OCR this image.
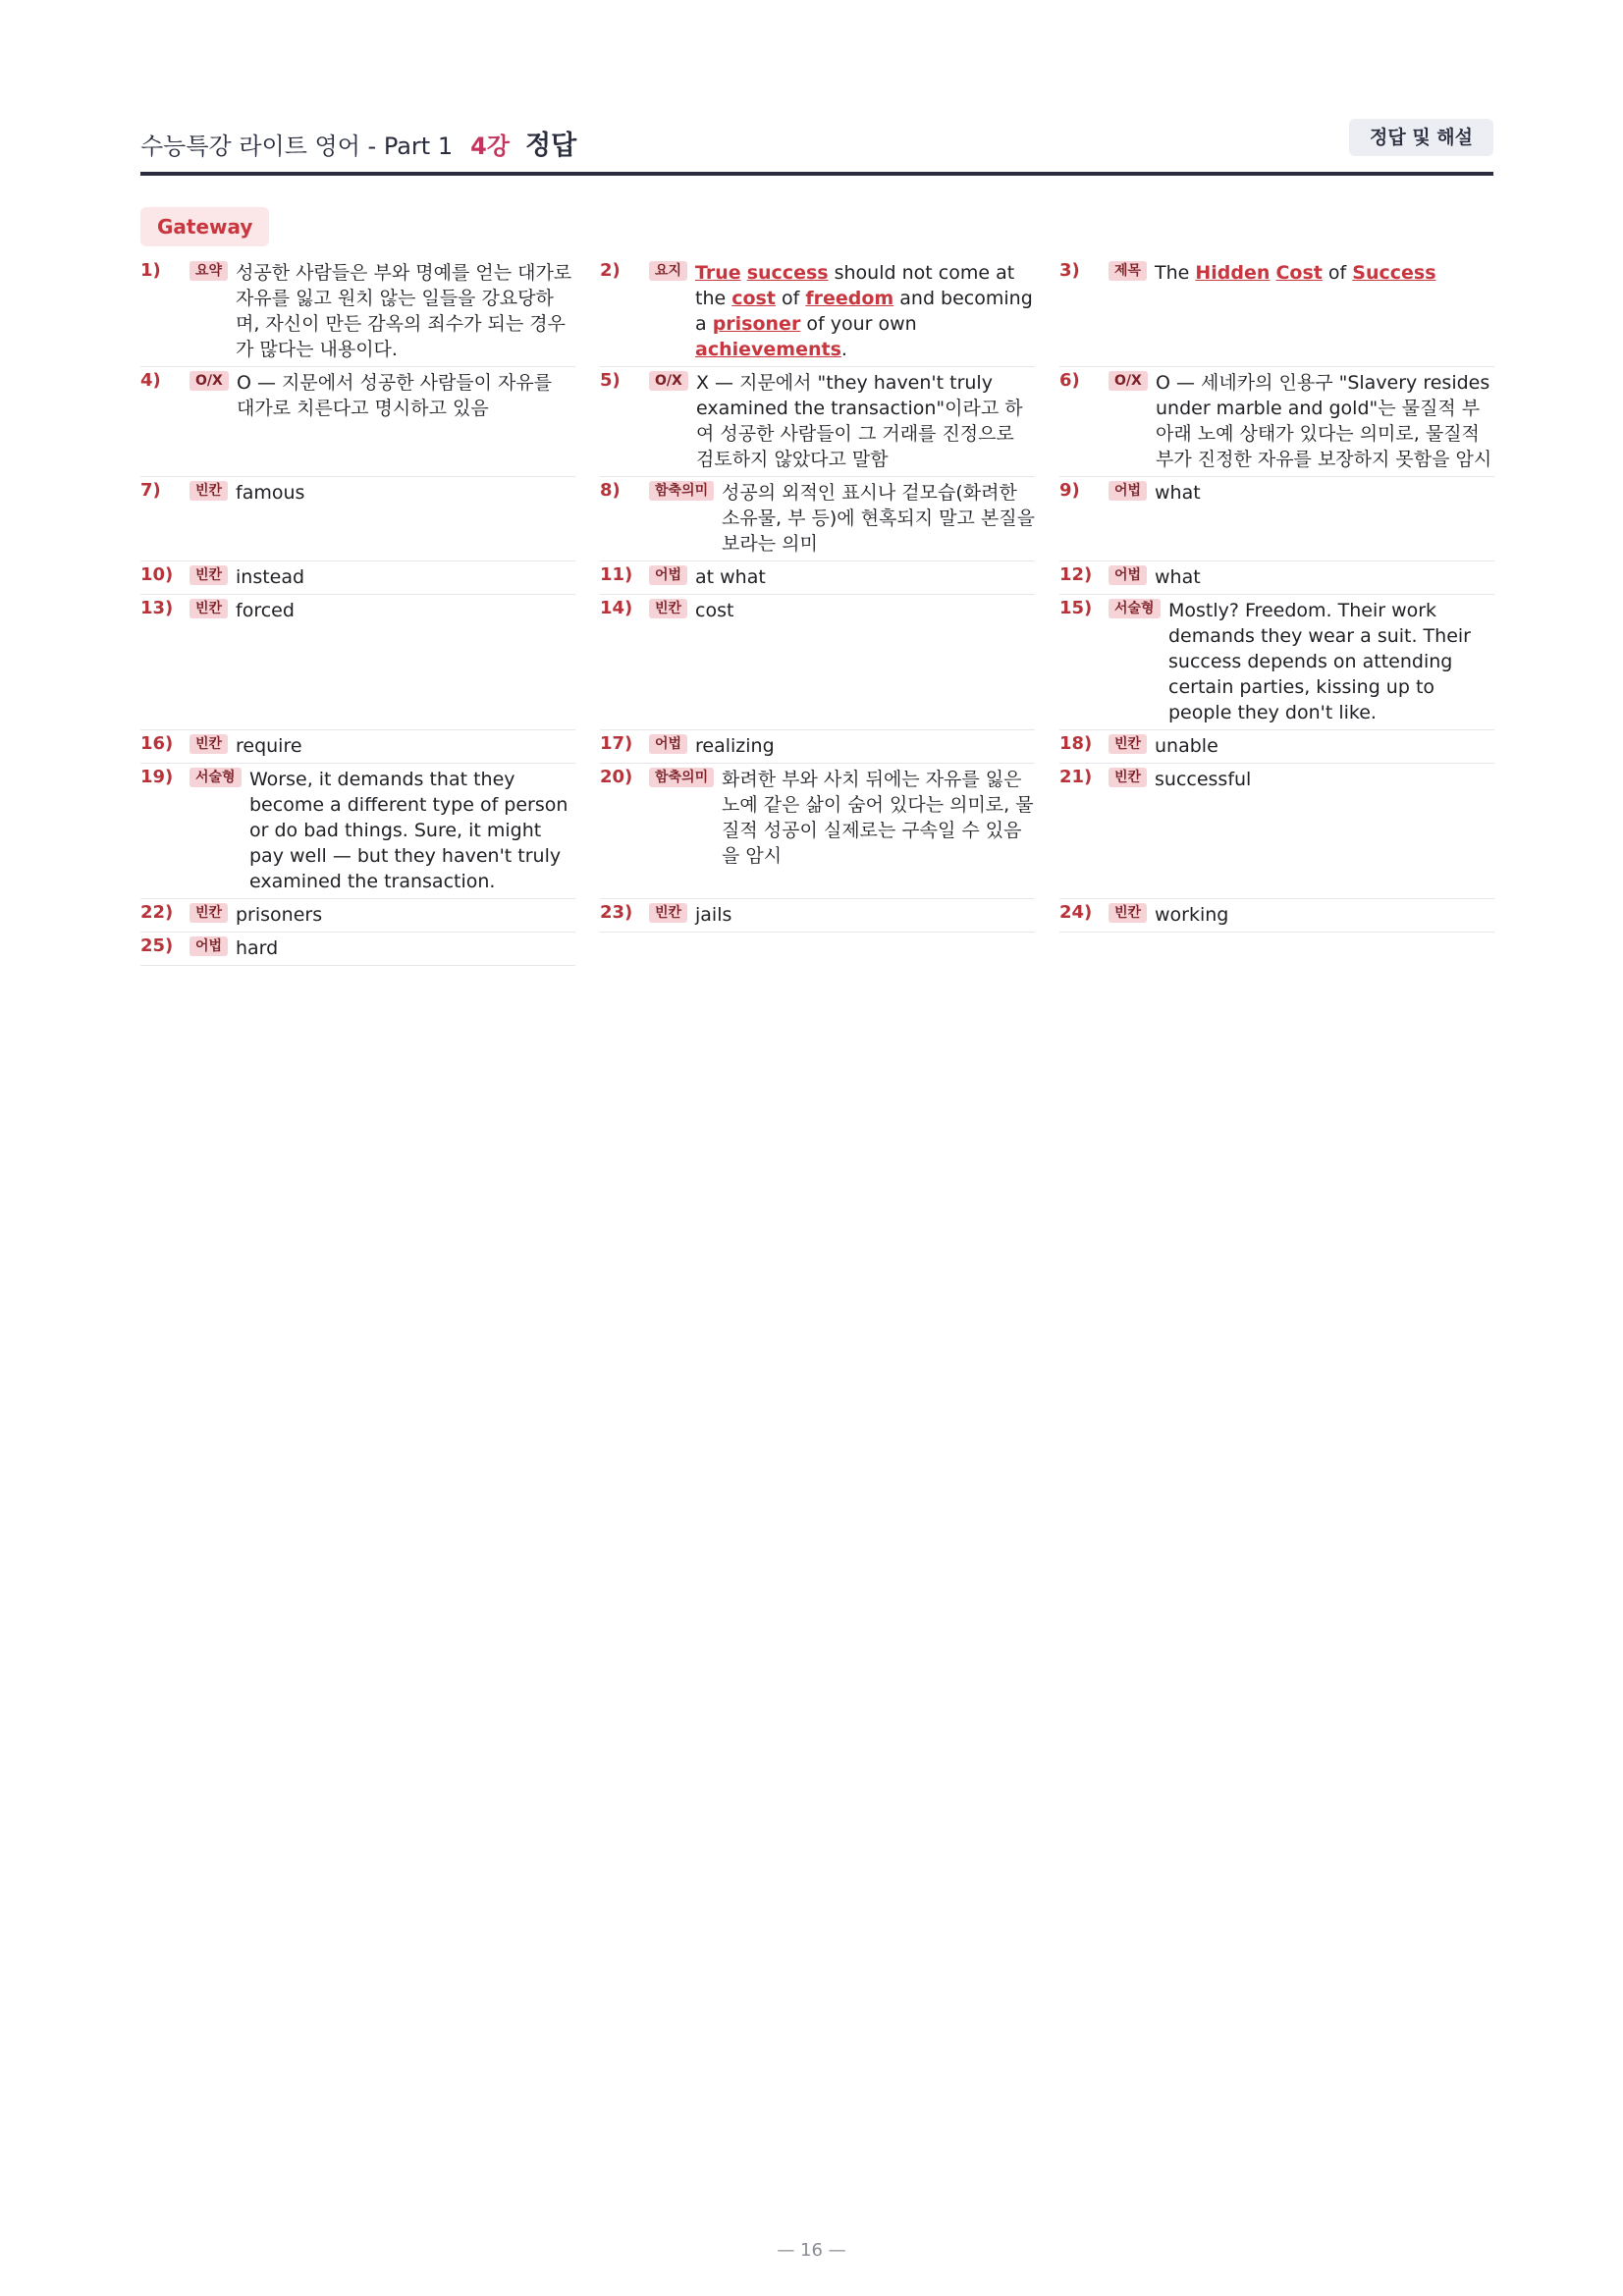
수능특강 라이트 영어 - Part 1 4강 정답	정답 및 해설
Gateway
1)	요약 성공한 사람들은 부와 명예를 얻는 대가로 자유를 잃고 원치 않는 일들을 강요당하며, 자신이 만든 감옥의 죄수가 되는 경우가 많다는 내용이다.
2)	요지 True success should not come at the cost of freedom and becoming a prisoner of your own achievements.
3)	제목 The Hidden Cost of Success
4)	O/X O — 지문에서 성공한 사람들이 자유를 대가로 치른다고 명시하고 있음
5)	O/X X — 지문에서 "they haven't truly examined the transaction"이라고 하여 성공한 사람들이 그 거래를 진정으로 검토하지 않았다고 말함
6)	O/X O — 세네카의 인용구 "Slavery resides under marble and gold"는 물질적 부 아래 노예 상태가 있다는 의미로, 물질적 부가 진정한 자유를 보장하지 못함을 암시
7)	빈칸 famous	8)	함축의미 성공의 외적인 표시나 겉모습(화려한 소유물, 부 등)에 현혹되지 말고 본질을 보라는 의미
9)	어법 what
10)	빈칸 instead	11)	어법 at what	12)	어법 what
13)	빈칸 forced	14)	빈칸 cost	15)	서술형 Mostly? Freedom. Their work demands they wear a suit. Their success depends on attending certain parties, kissing up to people they don't like.
16)	빈칸 require	17)	어법 realizing	18)	빈칸 unable
19)	서술형 Worse, it demands that they become a different type of person or do bad things. Sure, it might pay well — but they haven't truly examined the transaction.
20)	함축의미 화려한 부와 사치 뒤에는 자유를 잃은 노예 같은 삶이 숨어 있다는 의미로, 물질적 성공이 실제로는 구속일 수 있음을 암시
21)	빈칸 successful
22)	빈칸 prisoners	23)	빈칸 jails	24)	빈칸 working
25)	어법 hard
— 16 —
